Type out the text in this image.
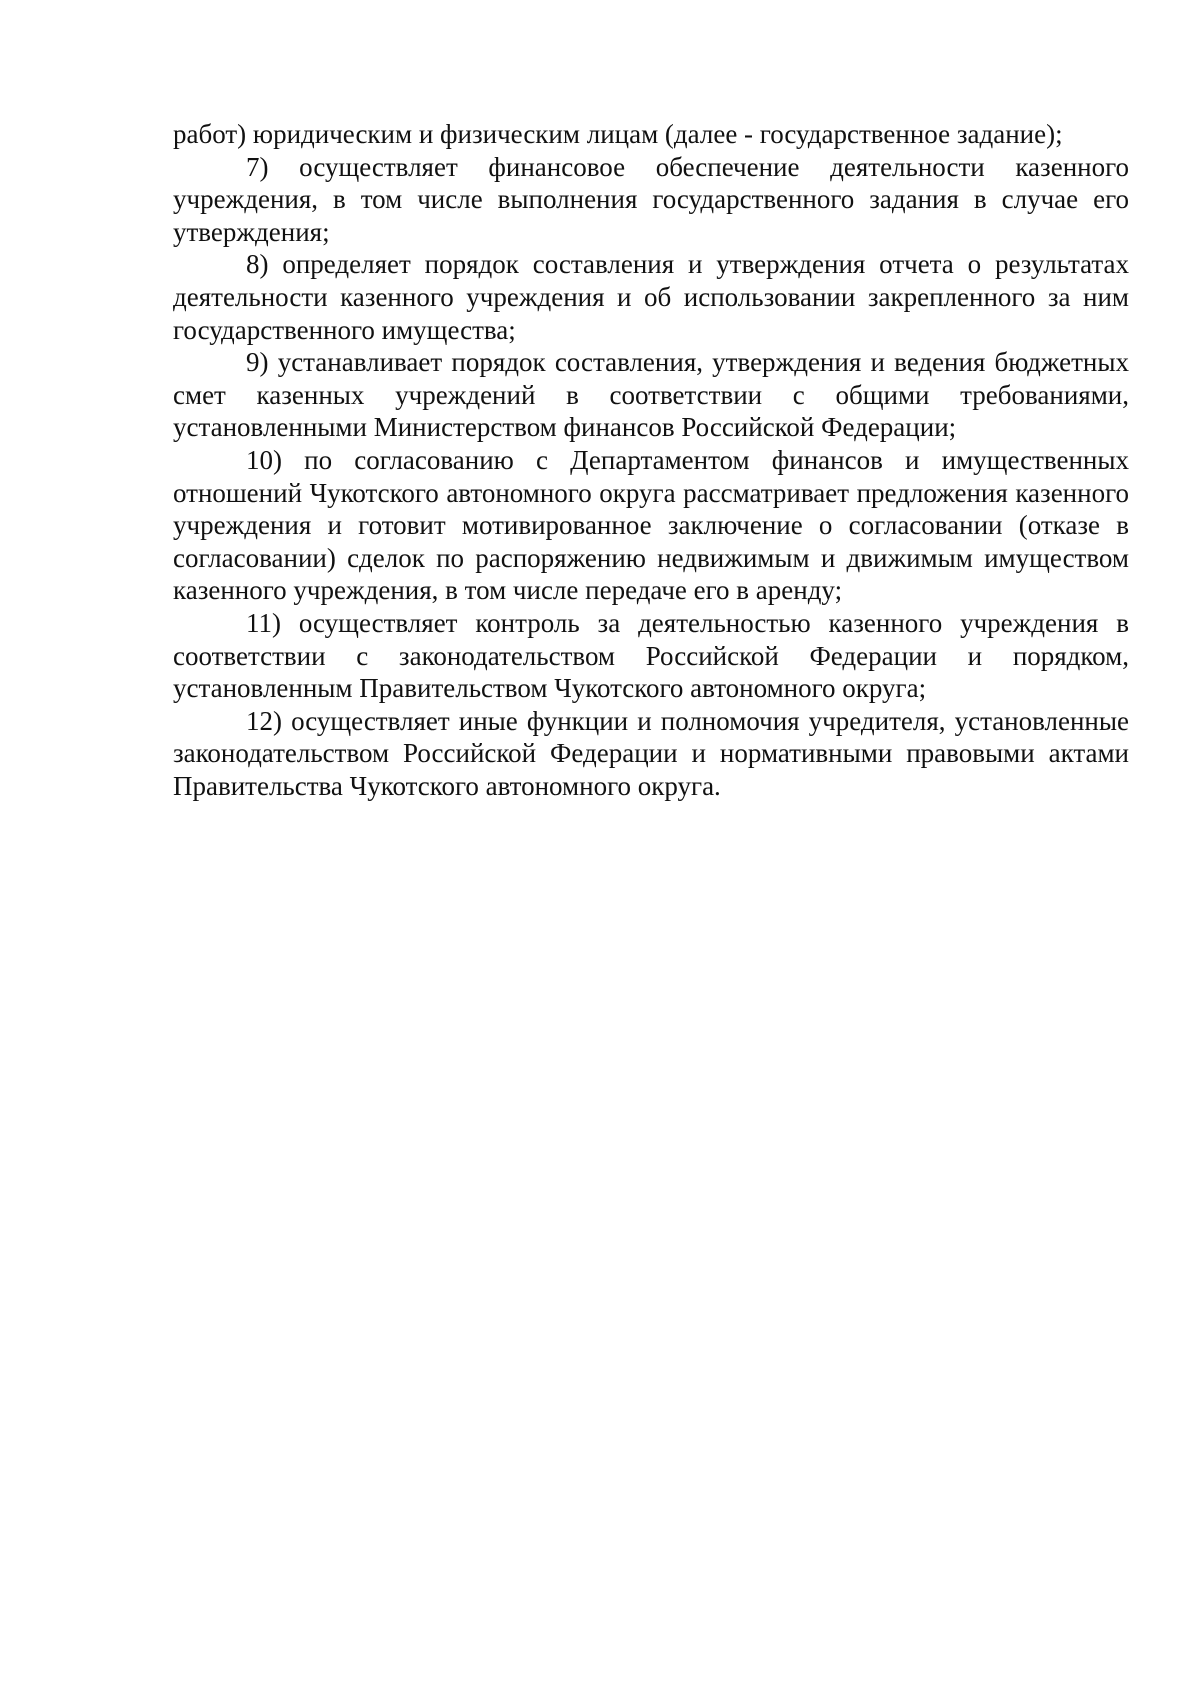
работ) юридическим и физическим лицам (далее - государственное задание);

7) осуществляет финансовое обеспечение деятельности казенного учреждения, в том числе выполнения государственного задания в случае его утверждения;

8) определяет порядок составления и утверждения отчета о результатах деятельности казенного учреждения и об использовании закрепленного за ним государственного имущества;

9) устанавливает порядок составления, утверждения и ведения бюджетных смет казенных учреждений в соответствии с общими требованиями, установленными Министерством финансов Российской Федерации;

10) по согласованию с Департаментом финансов и имущественных отношений Чукотского автономного округа рассматривает предложения казенного учреждения и готовит мотивированное заключение о согласовании (отказе в согласовании) сделок по распоряжению недвижимым и движимым имуществом казенного учреждения, в том числе передаче его в аренду;

11) осуществляет контроль за деятельностью казенного учреждения в соответствии с законодательством Российской Федерации и порядком, установленным Правительством Чукотского автономного округа;

12) осуществляет иные функции и полномочия учредителя, установленные законодательством Российской Федерации и нормативными правовыми актами Правительства Чукотского автономного округа.
